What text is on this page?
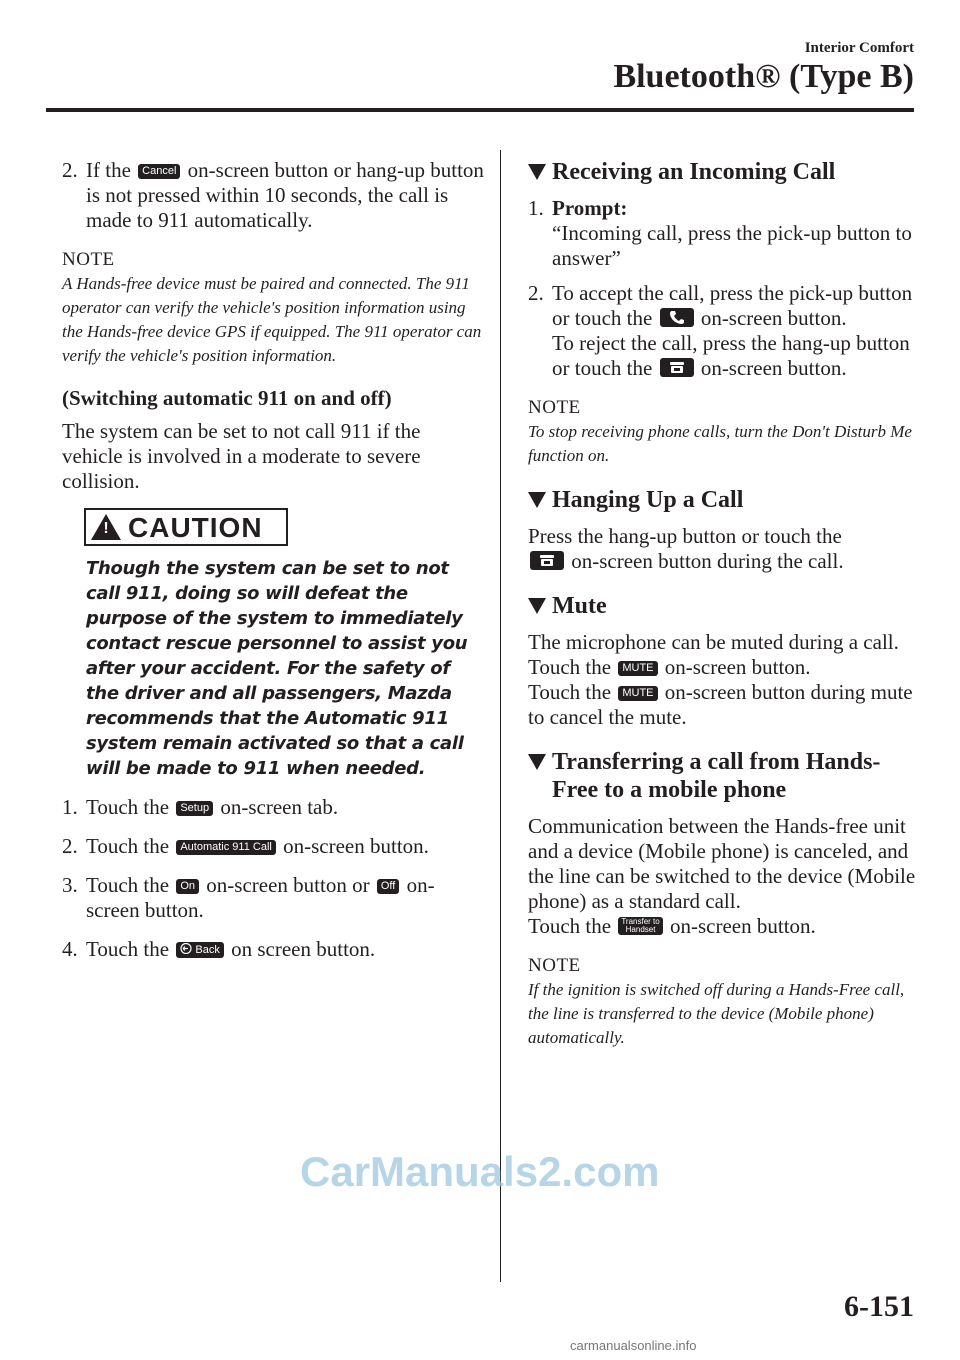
Interior Comfort
Bluetooth® (Type B)

2. If the Cancel on-screen button or hang-up button is not pressed within 10 seconds, the call is made to 911 automatically.

NOTE

A Hands-free device must be paired and connected. The 911 operator can verify the vehicle's position information using the Hands-free device GPS if equipped. The 911 operator can verify the vehicle's position information.

(Switching automatic 911 on and off)

The system can be set to not call 911 if the vehicle is involved in a moderate to severe collision.

! CAUTION

Though the system can be set to not call 911, doing so will defeat the purpose of the system to immediately contact rescue personnel to assist you after your accident. For the safety of the driver and all passengers, Mazda recommends that the Automatic 911 system remain activated so that a call will be made to 911 when needed.

1. Touch the Setup on-screen tab.

2. Touch the Automatic 911 Call on-screen button.

3. Touch the On on-screen button or Off on-screen button.

4. Touch the Back on screen button.

Receiving an Incoming Call

1. Prompt:
“Incoming call, press the pick-up button to answer”

2. To accept the call, press the pick-up button or touch the on-screen button.
To reject the call, press the hang-up button or touch the on-screen button.

NOTE

To stop receiving phone calls, turn the Don't Disturb Me function on.

Hanging Up a Call

Press the hang-up button or touch the
on-screen button during the call.

Mute

The microphone can be muted during a call.

Touch the MUTE on-screen button.
Touch the MUTE on-screen button during mute to cancel the mute.

Transferring a call from Hands-Free to a mobile phone

Communication between the Hands-free unit and a device (Mobile phone) is canceled, and the line can be switched to the device (Mobile phone) as a standard call.

Touch the Transfer to
Handset on-screen button.

NOTE

If the ignition is switched off during a Hands-Free call, the line is transferred to the device (Mobile phone) automatically.

CarManuals2.com
6-151
carmanualsonline.info
